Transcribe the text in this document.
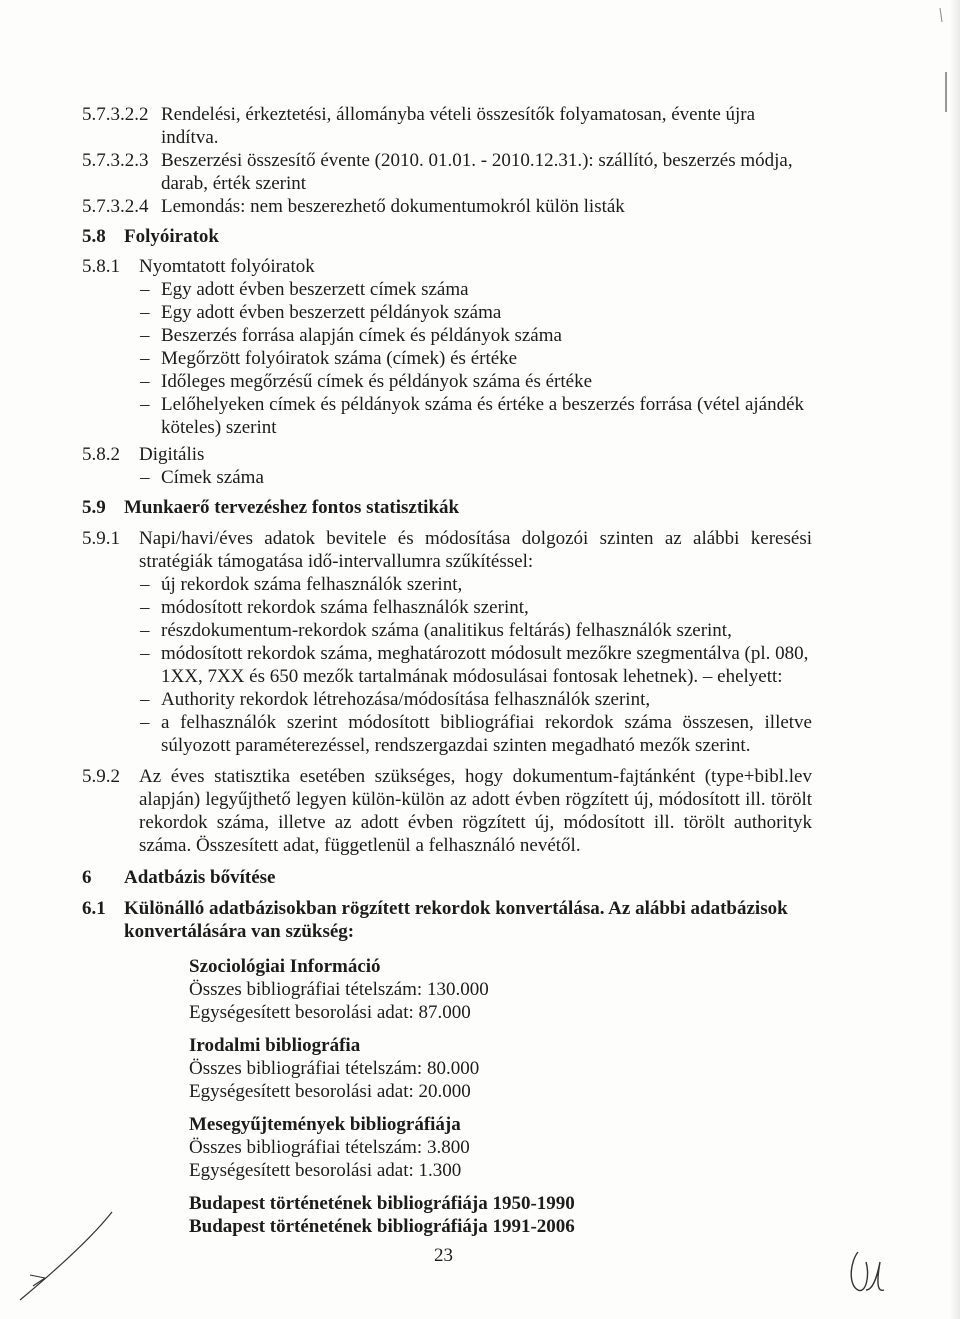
5.7.3.2.2 Rendelési, érkeztetési, állományba vételi összesítők folyamatosan, évente újra
indítva.
5.7.3.2.3 Beszerzési összesítő évente (2010. 01.01. - 2010.12.31.): szállító, beszerzés módja,
darab, érték szerint
5.7.3.2.4 Lemondás: nem beszerezhető dokumentumokról külön listák
5.8 Folyóiratok
5.8.1 Nyomtatott folyóiratok
– Egy adott évben beszerzett címek száma
– Egy adott évben beszerzett példányok száma
– Beszerzés forrása alapján címek és példányok száma
– Megőrzött folyóiratok száma (címek) és értéke
– Időleges megőrzésű címek és példányok száma és értéke
– Lelőhelyeken címek és példányok száma és értéke a beszerzés forrása (vétel ajándék
köteles) szerint
5.8.2 Digitális
– Címek száma
5.9 Munkaerő tervezéshez fontos statisztikák
5.9.1 Napi/havi/éves adatok bevitele és módosítása dolgozói szinten az alábbi keresési
stratégiák támogatása idő-intervallumra szűkítéssel:
– új rekordok száma felhasználók szerint,
– módosított rekordok száma felhasználók szerint,
– részdokumentum-rekordok száma (analitikus feltárás) felhasználók szerint,
– módosított rekordok száma, meghatározott módosult mezőkre szegmentálva (pl. 080,
1XX, 7XX és 650 mezők tartalmának módosulásai fontosak lehetnek). – ehelyett:
– Authority rekordok létrehozása/módosítása felhasználók szerint,
– a felhasználók szerint módosított bibliográfiai rekordok száma összesen, illetve
súlyozott paraméterezéssel, rendszergazdai szinten megadható mezők szerint.
5.9.2 Az éves statisztika esetében szükséges, hogy dokumentum-fajtánként (type+bibl.lev
alapján) legyűjthető legyen külön-külön az adott évben rögzített új, módosított ill. törölt
rekordok száma, illetve az adott évben rögzített új, módosított ill. törölt authorityk
száma. Összesített adat, függetlenül a felhasználó nevétől.
6 Adatbázis bővítése
6.1 Különálló adatbázisokban rögzített rekordok konvertálása. Az alábbi adatbázisok
konvertálására van szükség:
Szociológiai Információ
Összes bibliográfiai tételszám: 130.000
Egységesített besorolási adat: 87.000
Irodalmi bibliográfia
Összes bibliográfiai tételszám: 80.000
Egységesített besorolási adat: 20.000
Mesegyűjtemények bibliográfiája
Összes bibliográfiai tételszám: 3.800
Egységesített besorolási adat: 1.300
Budapest történetének bibliográfiája 1950-1990
Budapest történetének bibliográfiája 1991-2006
23
